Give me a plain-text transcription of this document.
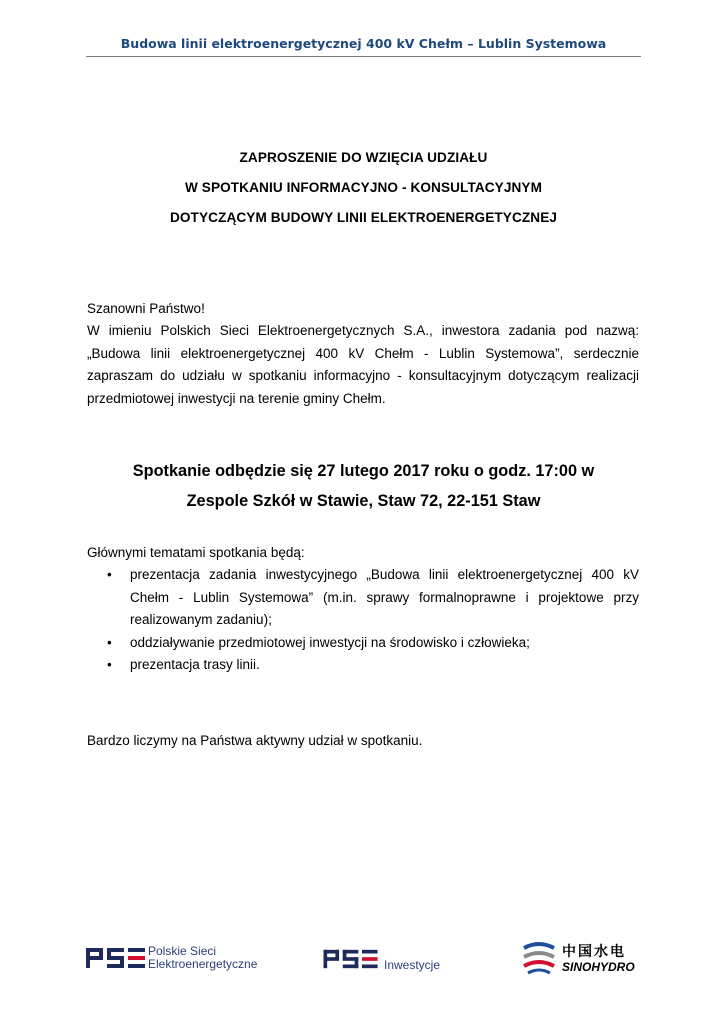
Budowa linii elektroenergetycznej 400 kV Chełm – Lublin Systemowa
ZAPROSZENIE DO WZIĘCIA UDZIAŁU
W SPOTKANIU INFORMACYJNO - KONSULTACYJNYM
DOTYCZĄCYM BUDOWY LINII ELEKTROENERGETYCZNEJ
Szanowni Państwo!
W imieniu Polskich Sieci Elektroenergetycznych S.A., inwestora zadania pod nazwą: „Budowa linii elektroenergetycznej 400 kV Chełm - Lublin Systemowa”, serdecznie zapraszam do udziału w spotkaniu informacyjno - konsultacyjnym dotyczącym realizacji przedmiotowej inwestycji na terenie gminy Chełm.
Spotkanie odbędzie się 27 lutego 2017 roku o godz. 17:00 w
Zespole Szkół w Stawie, Staw 72, 22-151 Staw
Głównymi tematami spotkania będą:
• prezentacja zadania inwestycyjnego „Budowa linii elektroenergetycznej 400 kV Chełm - Lublin Systemowa” (m.in. sprawy formalnoprawne i projektowe przy realizowanym zadaniu);
• oddziaływanie przedmiotowej inwestycji na środowisko i człowieka;
• prezentacja trasy linii.
Bardzo liczymy na Państwa aktywny udział w spotkaniu.
Polskie Sieci
Elektroenergetyczne	Inwestycje
中国水电
SINOHYDRO
